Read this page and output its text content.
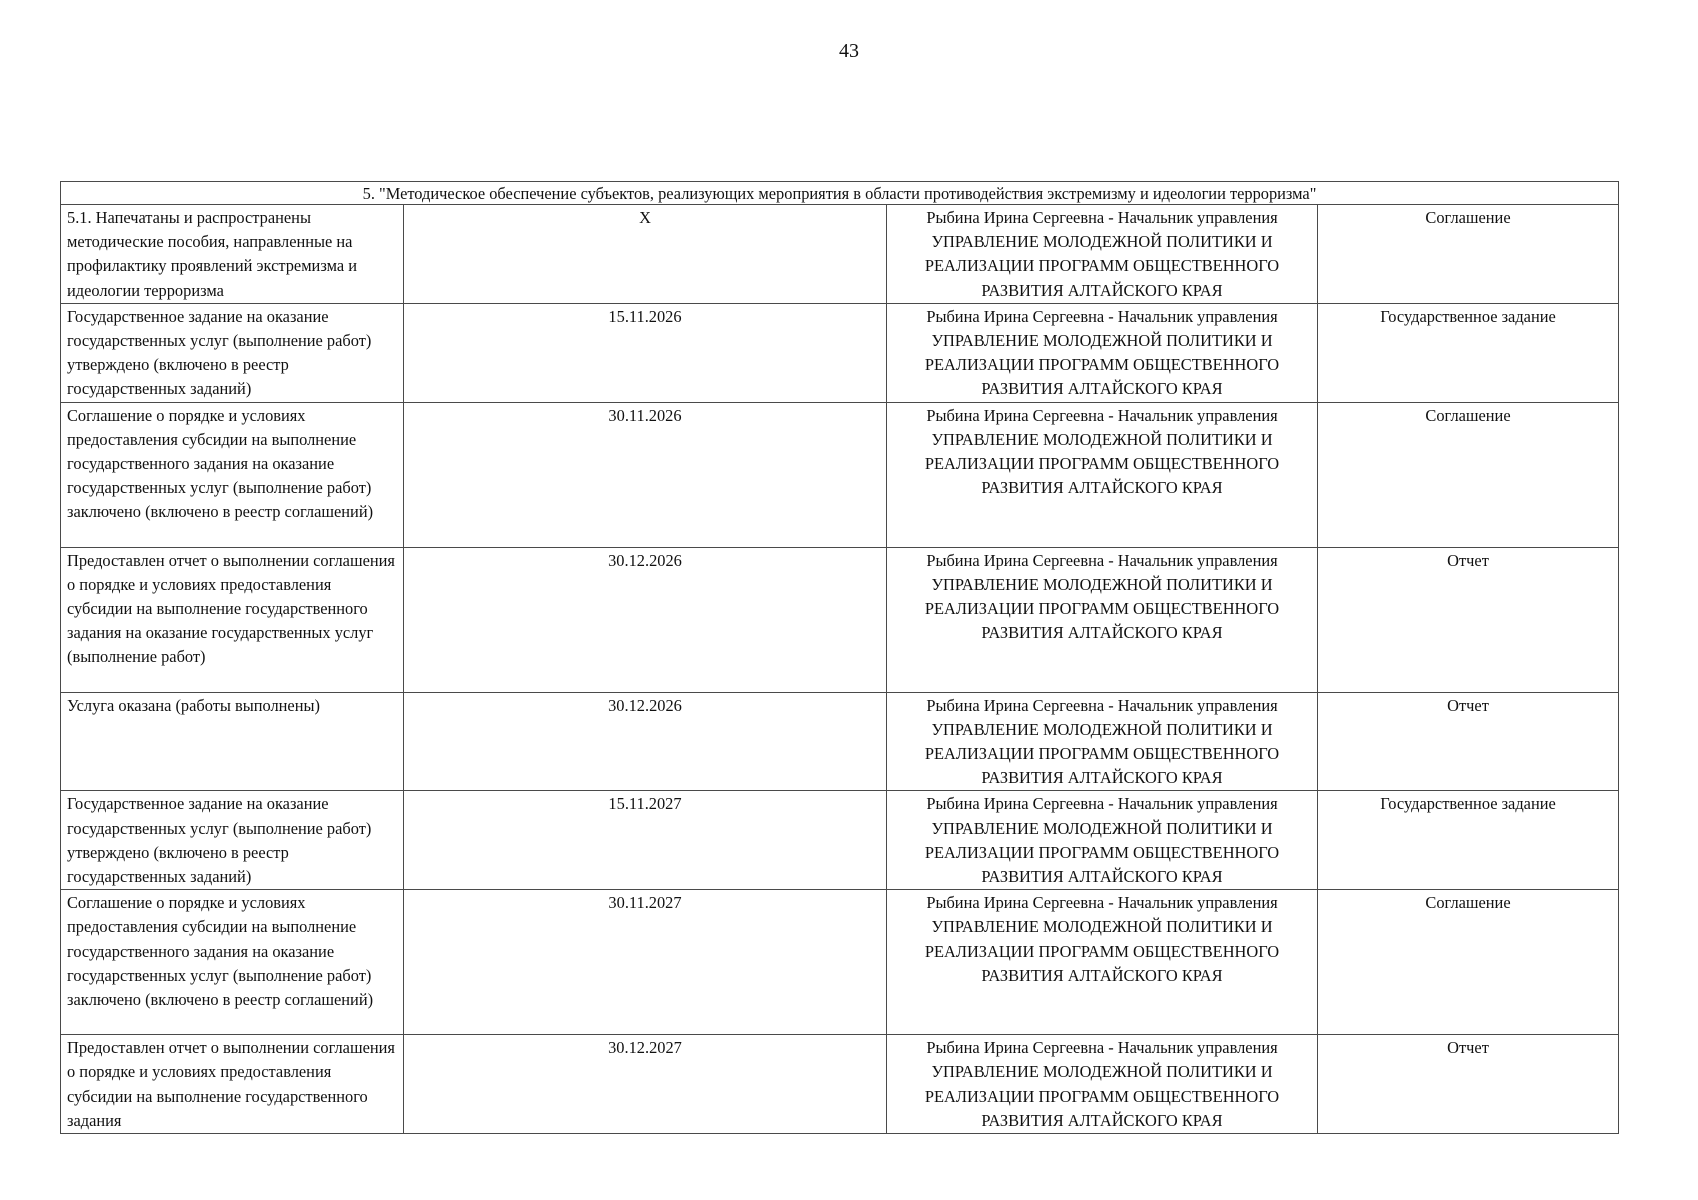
43
5. "Методическое обеспечение субъектов, реализующих мероприятия в области противодействия экстремизму и идеологии терроризма"			
5.1. Напечатаны и распространены методические пособия, направленные на профилактику проявлений экстремизма и идеологии терроризма	X	Рыбина Ирина Сергеевна - Начальник управления УПРАВЛЕНИЕ МОЛОДЕЖНОЙ ПОЛИТИКИ И РЕАЛИЗАЦИИ ПРОГРАММ ОБЩЕСТВЕННОГО РАЗВИТИЯ АЛТАЙСКОГО КРАЯ	Соглашение
Государственное задание на оказание государственных услуг (выполнение работ) утверждено (включено в реестр государственных заданий)	15.11.2026	Рыбина Ирина Сергеевна - Начальник управления УПРАВЛЕНИЕ МОЛОДЕЖНОЙ ПОЛИТИКИ И РЕАЛИЗАЦИИ ПРОГРАММ ОБЩЕСТВЕННОГО РАЗВИТИЯ АЛТАЙСКОГО КРАЯ	Государственное задание
Соглашение о порядке и условиях предоставления субсидии на выполнение государственного задания на оказание государственных услуг (выполнение работ) заключено (включено в реестр соглашений)	30.11.2026	Рыбина Ирина Сергеевна - Начальник управления УПРАВЛЕНИЕ МОЛОДЕЖНОЙ ПОЛИТИКИ И РЕАЛИЗАЦИИ ПРОГРАММ ОБЩЕСТВЕННОГО РАЗВИТИЯ АЛТАЙСКОГО КРАЯ	Соглашение
Предоставлен отчет о выполнении соглашения о порядке и условиях предоставления субсидии на выполнение государственного задания на оказание государственных услуг (выполнение работ)	30.12.2026	Рыбина Ирина Сергеевна - Начальник управления УПРАВЛЕНИЕ МОЛОДЕЖНОЙ ПОЛИТИКИ И РЕАЛИЗАЦИИ ПРОГРАММ ОБЩЕСТВЕННОГО РАЗВИТИЯ АЛТАЙСКОГО КРАЯ	Отчет
Услуга оказана (работы выполнены)	30.12.2026	Рыбина Ирина Сергеевна - Начальник управления УПРАВЛЕНИЕ МОЛОДЕЖНОЙ ПОЛИТИКИ И РЕАЛИЗАЦИИ ПРОГРАММ ОБЩЕСТВЕННОГО РАЗВИТИЯ АЛТАЙСКОГО КРАЯ	Отчет
Государственное задание на оказание государственных услуг (выполнение работ) утверждено (включено в реестр государственных заданий)	15.11.2027	Рыбина Ирина Сергеевна - Начальник управления УПРАВЛЕНИЕ МОЛОДЕЖНОЙ ПОЛИТИКИ И РЕАЛИЗАЦИИ ПРОГРАММ ОБЩЕСТВЕННОГО РАЗВИТИЯ АЛТАЙСКОГО КРАЯ	Государственное задание
Соглашение о порядке и условиях предоставления субсидии на выполнение государственного задания на оказание государственных услуг (выполнение работ) заключено (включено в реестр соглашений)	30.11.2027	Рыбина Ирина Сергеевна - Начальник управления УПРАВЛЕНИЕ МОЛОДЕЖНОЙ ПОЛИТИКИ И РЕАЛИЗАЦИИ ПРОГРАММ ОБЩЕСТВЕННОГО РАЗВИТИЯ АЛТАЙСКОГО КРАЯ	Соглашение
Предоставлен отчет о выполнении соглашения о порядке и условиях предоставления субсидии на выполнение государственного задания	30.12.2027	Рыбина Ирина Сергеевна - Начальник управления УПРАВЛЕНИЕ МОЛОДЕЖНОЙ ПОЛИТИКИ И РЕАЛИЗАЦИИ ПРОГРАММ ОБЩЕСТВЕННОГО РАЗВИТИЯ АЛТАЙСКОГО КРАЯ	Отчет
